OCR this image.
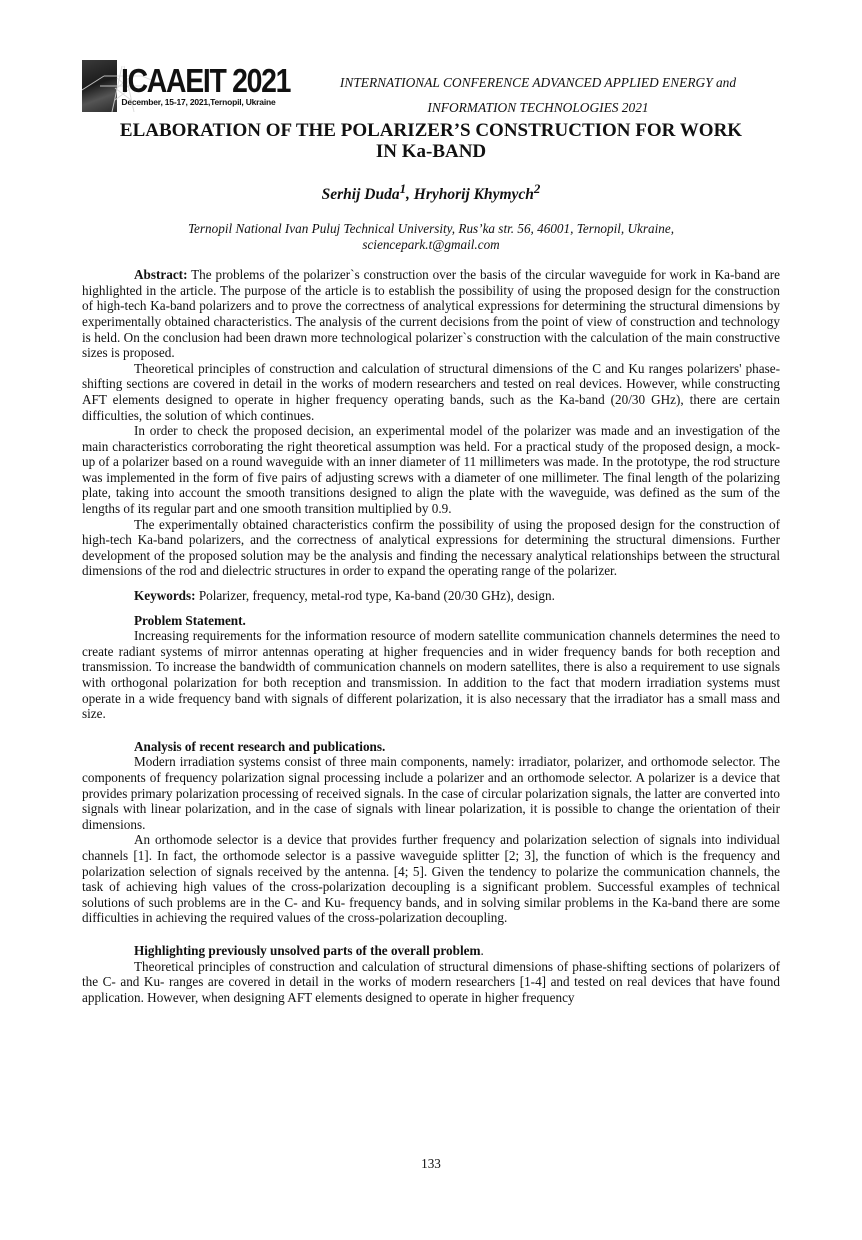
ICAAEIT 2021
December, 15-17, 2021,Ternopil, Ukraine
INTERNATIONAL CONFERENCE ADVANCED APPLIED ENERGY and
INFORMATION TECHNOLOGIES 2021
ELABORATION OF THE POLARIZER’S CONSTRUCTION FOR WORK IN Ka-BAND
Serhij Duda$^1$, Hryhorij Khymych$^2$
Ternopil National Ivan Puluj Technical University, Rus’ka str. 56, 46001, Ternopil, Ukraine,
sciencepark.t@gmail.com

Abstract: The problems of the polarizer`s construction over the basis of the circular waveguide for work in Ka-band are highlighted in the article. The purpose of the article is to establish the possibility of using the proposed design for the construction of high-tech Ka-band polarizers and to prove the correctness of analytical expressions for determining the structural dimensions by experimentally obtained characteristics. The analysis of the current decisions from the point of view of construction and technology is held. On the conclusion had been drawn more technological polarizer`s construction with the calculation of the main constructive sizes is proposed.

Theoretical principles of construction and calculation of structural dimensions of the C and Ku ranges polarizers' phase-shifting sections are covered in detail in the works of modern researchers and tested on real devices. However, while constructing AFT elements designed to operate in higher frequency operating bands, such as the Ka-band (20/30 GHz), there are certain difficulties, the solution of which continues.

In order to check the proposed decision, an experimental model of the polarizer was made and an investigation of the main characteristics corroborating the right theoretical assumption was held. For a practical study of the proposed design, a mock-up of a polarizer based on a round waveguide with an inner diameter of 11 millimeters was made. In the prototype, the rod structure was implemented in the form of five pairs of adjusting screws with a diameter of one millimeter. The final length of the polarizing plate, taking into account the smooth transitions designed to align the plate with the waveguide, was defined as the sum of the lengths of its regular part and one smooth transition multiplied by 0.9.

The experimentally obtained characteristics confirm the possibility of using the proposed design for the construction of high-tech Ka-band polarizers, and the correctness of analytical expressions for determining the structural dimensions. Further development of the proposed solution may be the analysis and finding the necessary analytical relationships between the structural dimensions of the rod and dielectric structures in order to expand the operating range of the polarizer.

Keywords: Polarizer, frequency, metal-rod type, Ka-band (20/30 GHz), design.

Problem Statement.

Increasing requirements for the information resource of modern satellite communication channels determines the need to create radiant systems of mirror antennas operating at higher frequencies and in wider frequency bands for both reception and transmission. To increase the bandwidth of communication channels on modern satellites, there is also a requirement to use signals with orthogonal polarization for both reception and transmission. In addition to the fact that modern irradiation systems must operate in a wide frequency band with signals of different polarization, it is also necessary that the irradiator has a small mass and size.

Analysis of recent research and publications.

Modern irradiation systems consist of three main components, namely: irradiator, polarizer, and orthomode selector. The components of frequency polarization signal processing include a polarizer and an orthomode selector. A polarizer is a device that provides primary polarization processing of received signals. In the case of circular polarization signals, the latter are converted into signals with linear polarization, and in the case of signals with linear polarization, it is possible to change the orientation of their dimensions.

An orthomode selector is a device that provides further frequency and polarization selection of signals into individual channels [1]. In fact, the orthomode selector is a passive waveguide splitter [2; 3], the function of which is the frequency and polarization selection of signals received by the antenna. [4; 5]. Given the tendency to polarize the communication channels, the task of achieving high values of the cross-polarization decoupling is a significant problem. Successful examples of technical solutions of such problems are in the C- and Ku- frequency bands, and in solving similar problems in the Ka-band there are some difficulties in achieving the required values of the cross-polarization decoupling.

Highlighting previously unsolved parts of the overall problem.

Theoretical principles of construction and calculation of structural dimensions of phase-shifting sections of polarizers of the C- and Ku- ranges are covered in detail in the works of modern researchers [1-4] and tested on real devices that have found application. However, when designing AFT elements designed to operate in higher frequency

133
